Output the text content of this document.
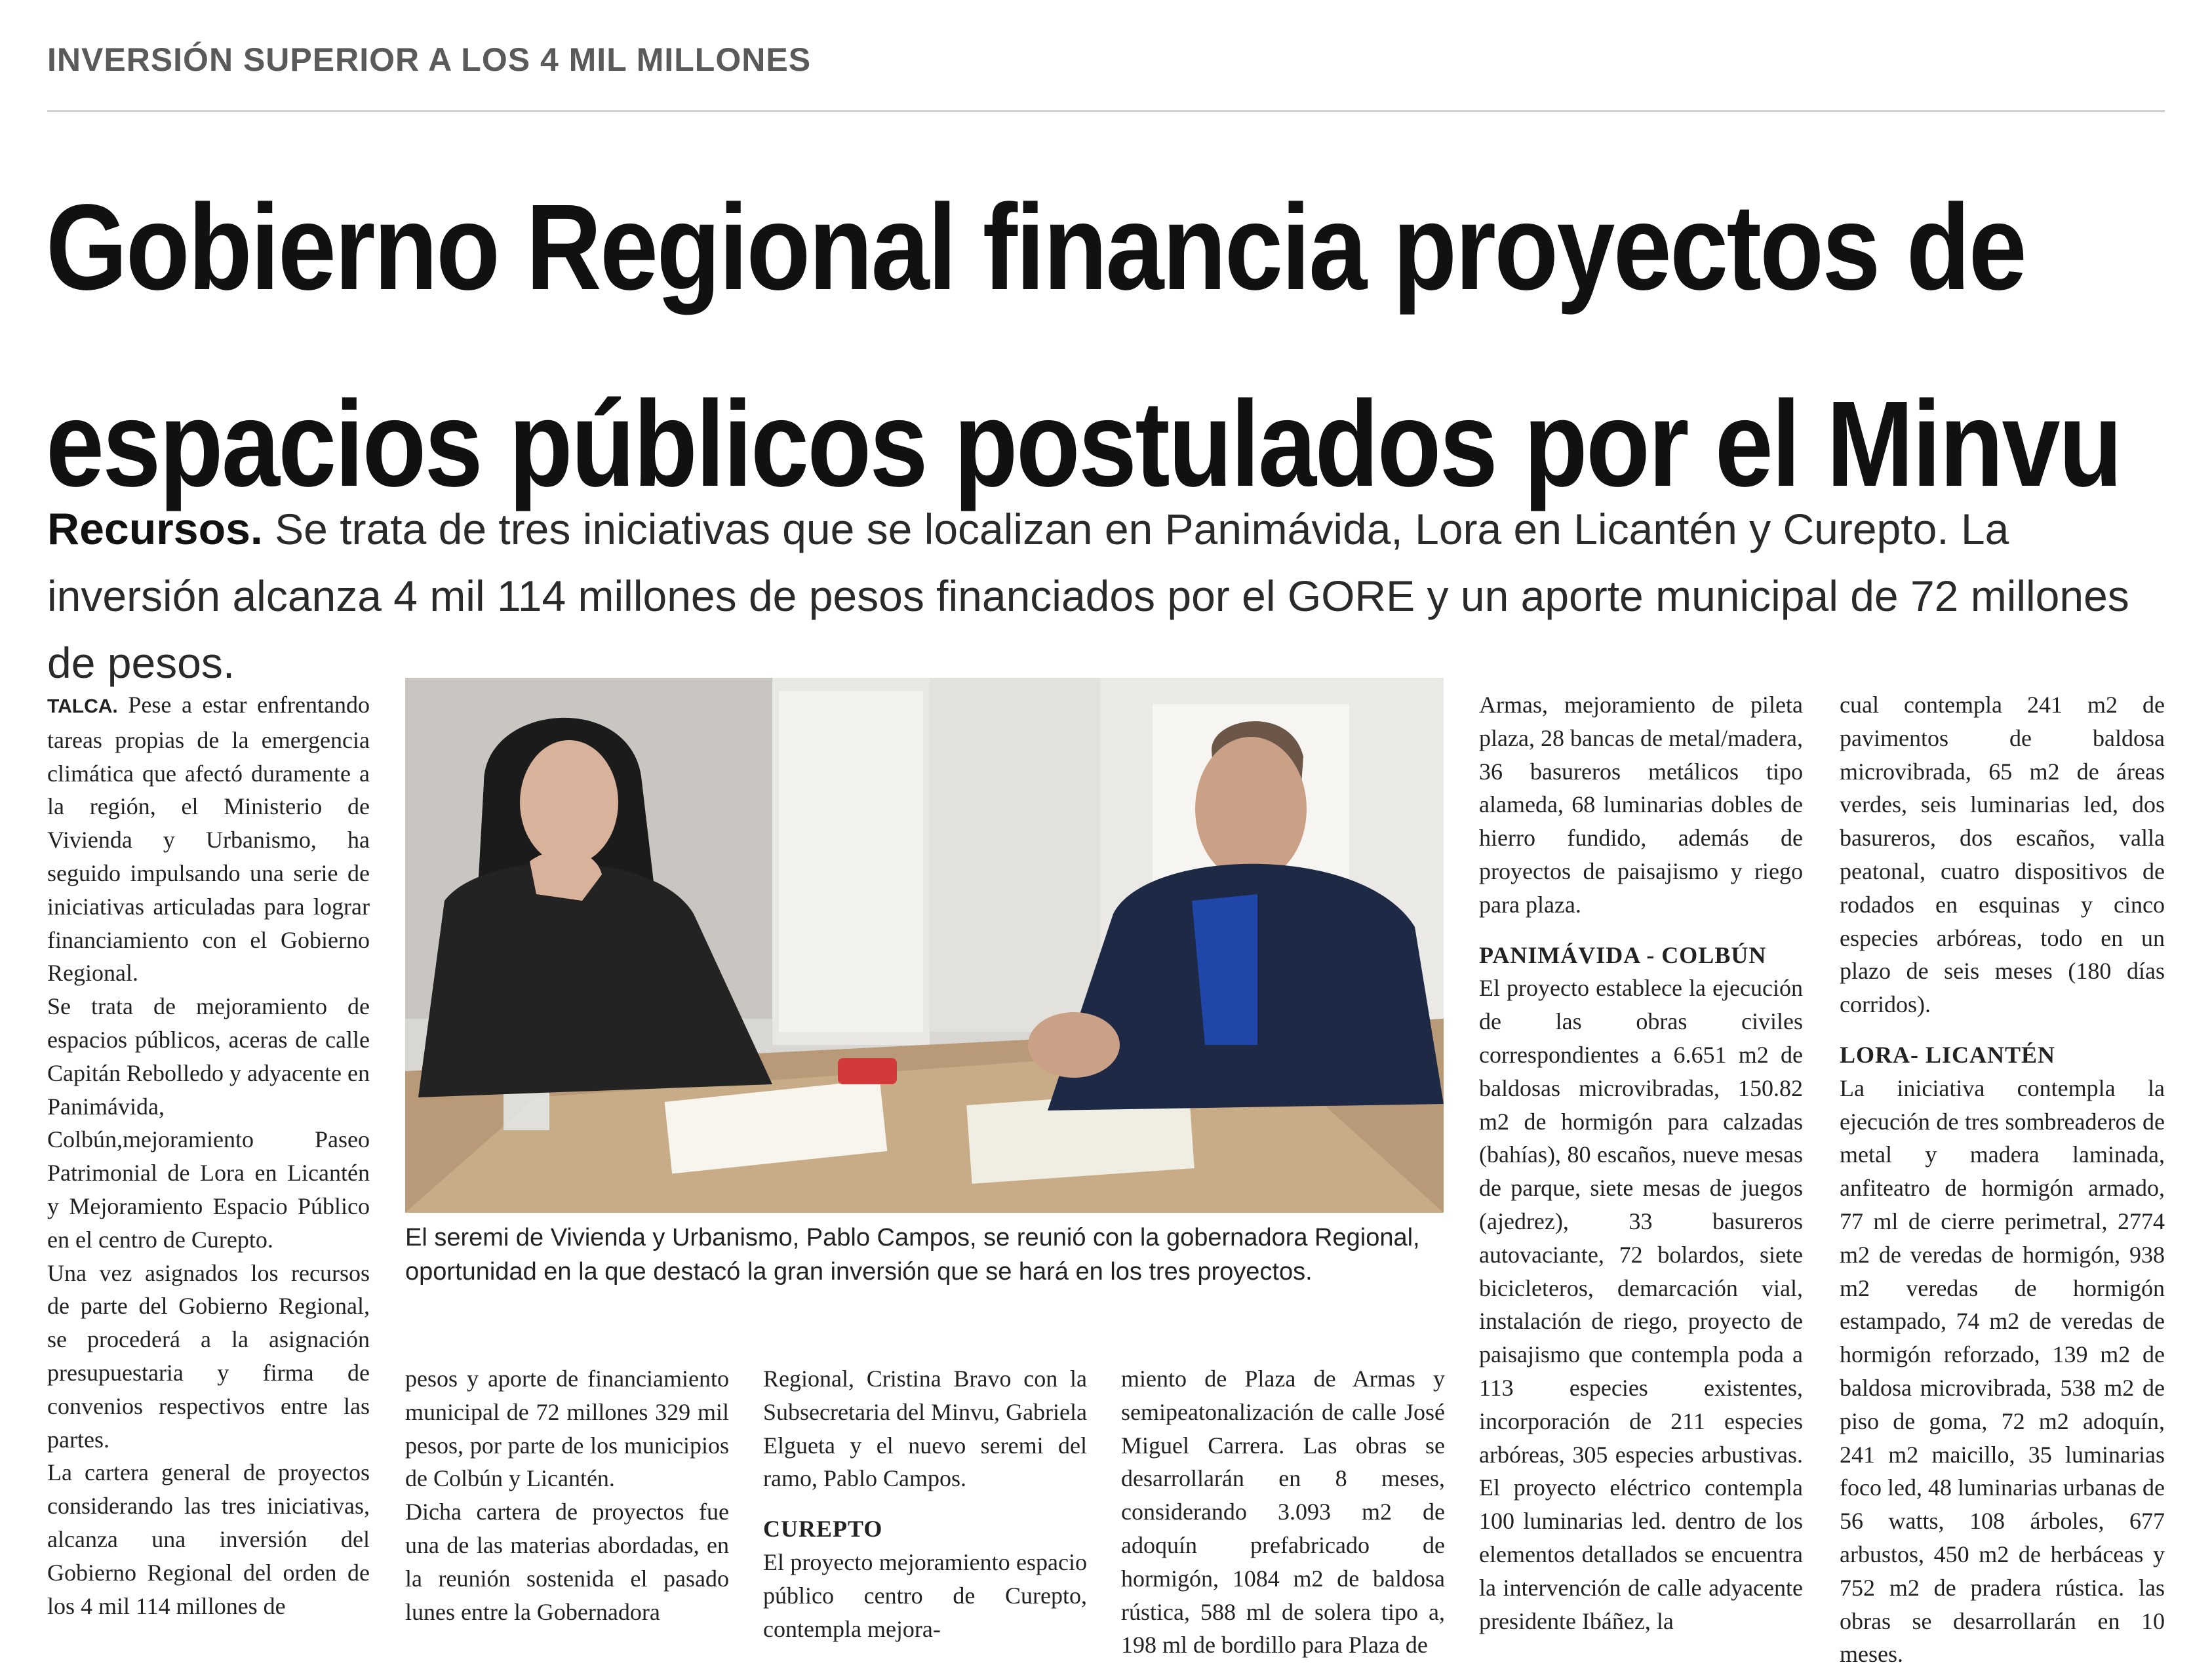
INVERSIÓN SUPERIOR A LOS 4 MIL MILLONES
Gobierno Regional financia proyectos de
espacios públicos postulados por el Minvu
Recursos. Se trata de tres iniciativas que se localizan en Panimávida, Lora en Licantén y Curepto. La inversión alcanza 4 mil 114 millones de pesos financiados por el GORE y un aporte municipal de 72 millones de pesos.

TALCA. Pese a estar enfrentando tareas propias de la emergencia climática que afectó duramente a la región, el Ministerio de Vivienda y Urbanismo, ha seguido impulsando una serie de iniciativas articuladas para lograr financiamiento con el Gobierno Regional.

Se trata de mejoramiento de espacios públicos, aceras de calle Capitán Rebolledo y adyacente en Panimávida, Colbún,mejoramiento Paseo Patrimonial de Lora en Licantén y Mejoramiento Espacio Público en el centro de Curepto.

Una vez asignados los recursos de parte del Gobierno Regional, se procederá a la asignación presupuestaria y firma de convenios respectivos entre las partes.

La cartera general de proyectos considerando las tres iniciativas, alcanza una inversión del Gobierno Regional del orden de los 4 mil 114 millones de

El seremi de Vivienda y Urbanismo, Pablo Campos, se reunió con la gobernadora Regional, oportunidad en la que destacó la gran inversión que se hará en los tres proyectos.

pesos y aporte de financiamiento municipal de 72 millones 329 mil pesos, por parte de los municipios de Colbún y Licantén.

Dicha cartera de proyectos fue una de las materias abordadas, en la reunión sostenida el pasado lunes entre la Gobernadora

Regional, Cristina Bravo con la Subsecretaria del Minvu, Gabriela Elgueta y el nuevo seremi del ramo, Pablo Campos.

CUREPTO

El proyecto mejoramiento espacio público centro de Curepto, contempla mejora-

miento de Plaza de Armas y semipeatonalización de calle José Miguel Carrera. Las obras se desarrollarán en 8 meses, considerando 3.093 m2 de adoquín prefabricado de hormigón, 1084 m2 de baldosa rústica, 588 ml de solera tipo a, 198 ml de bordillo para Plaza de

Armas, mejoramiento de pileta plaza, 28 bancas de metal/madera, 36 basureros metálicos tipo alameda, 68 luminarias dobles de hierro fundido, además de proyectos de paisajismo y riego para plaza.

PANIMÁVIDA - COLBÚN

El proyecto establece la ejecución de las obras civiles correspondientes a 6.651 m2 de baldosas microvibradas, 150.82 m2 de hormigón para calzadas (bahías), 80 escaños, nueve mesas de parque, siete mesas de juegos (ajedrez), 33 basureros autovaciante, 72 bolardos, siete bicicleteros, demarcación vial, instalación de riego, proyecto de paisajismo que contempla poda a 113 especies existentes, incorporación de 211 especies arbóreas, 305 especies arbustivas. El proyecto eléctrico contempla 100 luminarias led. dentro de los elementos detallados se encuentra la intervención de calle adyacente presidente Ibáñez, la

cual contempla 241 m2 de pavimentos de baldosa microvibrada, 65 m2 de áreas verdes, seis luminarias led, dos basureros, dos escaños, valla peatonal, cuatro dispositivos de rodados en esquinas y cinco especies arbóreas, todo en un plazo de seis meses (180 días corridos).

LORA- LICANTÉN

La iniciativa contempla la ejecución de tres sombreaderos de metal y madera laminada, anfiteatro de hormigón armado, 77 ml de cierre perimetral, 2774 m2 de veredas de hormigón, 938 m2 veredas de hormigón estampado, 74 m2 de veredas de hormigón reforzado, 139 m2 de baldosa microvibrada, 538 m2 de piso de goma, 72 m2 adoquín, 241 m2 maicillo, 35 luminarias foco led, 48 luminarias urbanas de 56 watts, 108 árboles, 677 arbustos, 450 m2 de herbáceas y 752 m2 de pradera rústica. las obras se desarrollarán en 10 meses.
